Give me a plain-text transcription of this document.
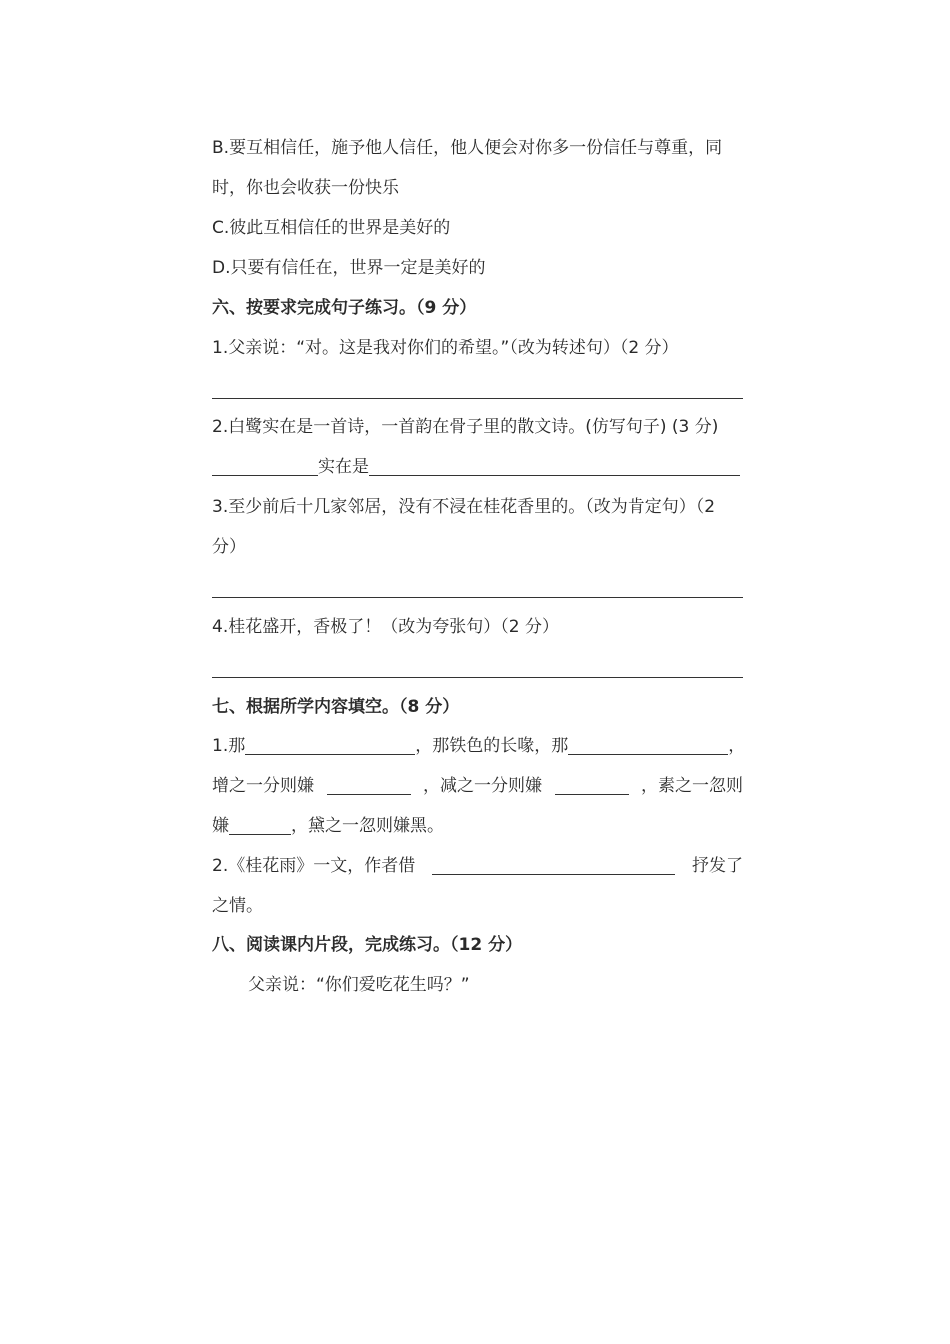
B.要互相信任，施予他人信任，他人便会对你多一份信任与尊重，同
时，你也会收获一份快乐
C.彼此互相信任的世界是美好的
D.只要有信任在，世界一定是美好的
六、按要求完成句子练习。（9 分）
1.父亲说：“对。这是我对你们的希望。”（改为转述句）（2 分）
2.白鹭实在是一首诗，一首韵在骨子里的散文诗。(仿写句子) (3 分)
实在是
3.至少前后十几家邻居，没有不浸在桂花香里的。（改为肯定句）（2
分）
4.桂花盛开，香极了！（改为夸张句）（2 分）
七、根据所学内容填空。（8 分）
1.那	，那铁色的长喙，那	，
增之一分则嫌	，减之一分则嫌	，素之一忽则
嫌	，黛之一忽则嫌黑。
2.《桂花雨》一文，作者借	抒发了
之情。
八、阅读课内片段，完成练习。（12 分）
父亲说：“你们爱吃花生吗？”
